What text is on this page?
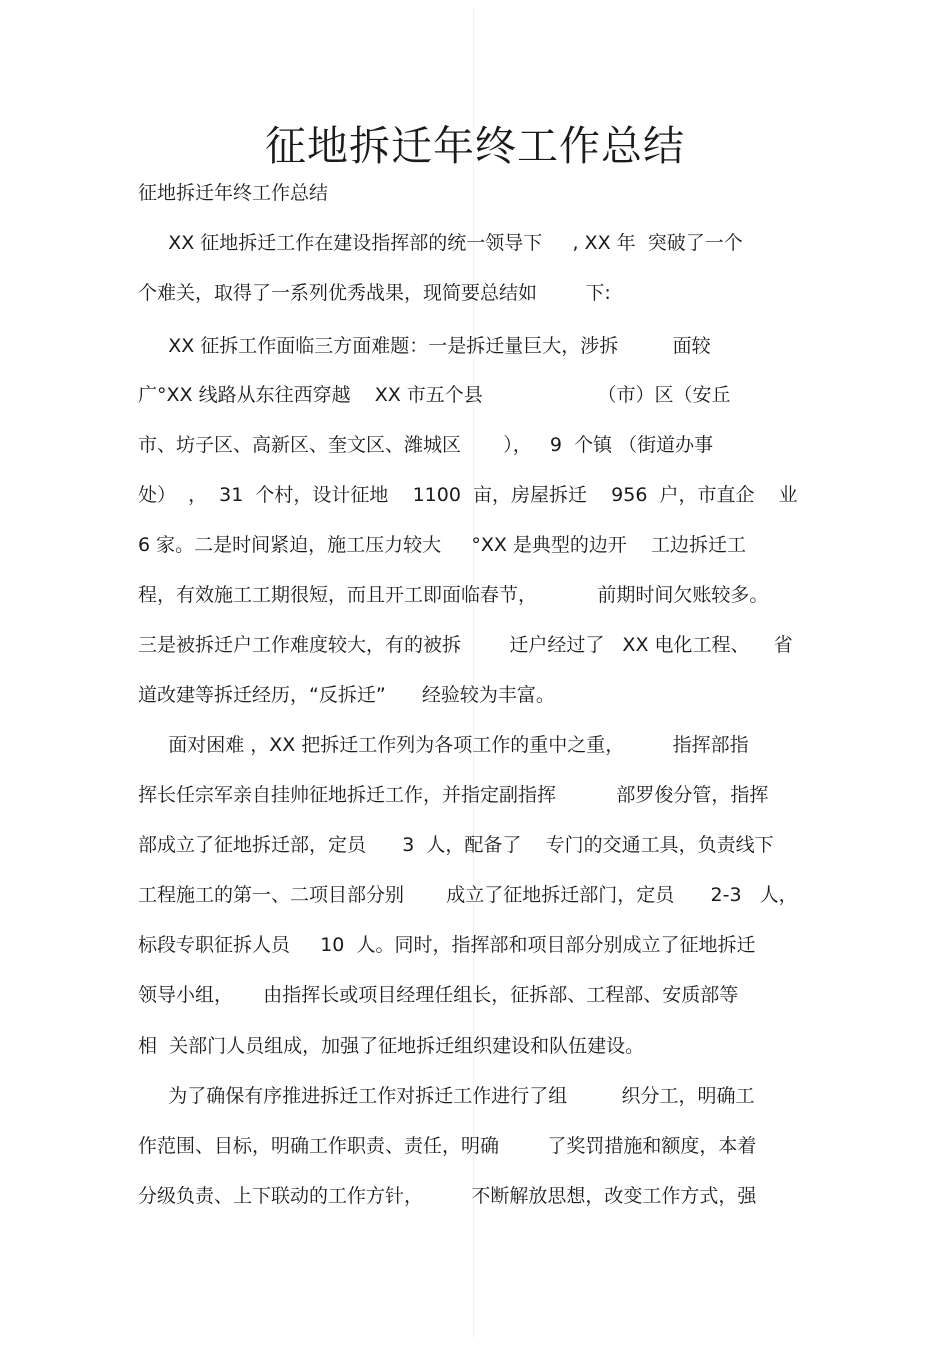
征地拆迁年终工作总结
征地拆迁年终工作总结
XX 征地拆迁工作在建设指挥部的统一领导下     , XX 年  突破了一个
个难关，取得了一系列优秀战果，现简要总结如        下:
XX 征拆工作面临三方面难题：一是拆迁量巨大，涉拆         面较
广°XX 线路从东往西穿越    XX 市五个县                   （市）区（安丘
市、坊子区、高新区、奎文区、潍城区       ），   9  个镇 （街道办事
处）  ，  31  个村，设计征地    1100  亩，房屋拆迁    956  户，市直企    业
6 家。二是时间紧迫，施工压力较大     °XX 是典型的边开    工边拆迁工
程，有效施工工期很短，而且开工即面临春节，          前期时间欠账较多。
三是被拆迁户工作难度较大，有的被拆        迁户经过了   XX 电化工程、    省
道改建等拆迁经历，“反拆迁”      经验较为丰富。
面对困难 ，XX 把拆迁工作列为各项工作的重中之重，        指挥部指
挥长任宗军亲自挂帅征地拆迁工作，并指定副指挥          部罗俊分管，指挥
部成立了征地拆迁部，定员      3  人，配备了    专门的交通工具，负责线下
工程施工的第一、二项目部分别       成立了征地拆迁部门，定员      2-3   人，
标段专职征拆人员     10  人。同时，指挥部和项目部分别成立了征地拆迁
领导小组，     由指挥长或项目经理任组长，征拆部、工程部、安质部等
相  关部门人员组成，加强了征地拆迁组织建设和队伍建设。
为了确保有序推进拆迁工作对拆迁工作进行了组         织分工，明确工
作范围、目标，明确工作职责、责任，明确        了奖罚措施和额度，本着
分级负责、上下联动的工作方针，        不断解放思想，改变工作方式，强
